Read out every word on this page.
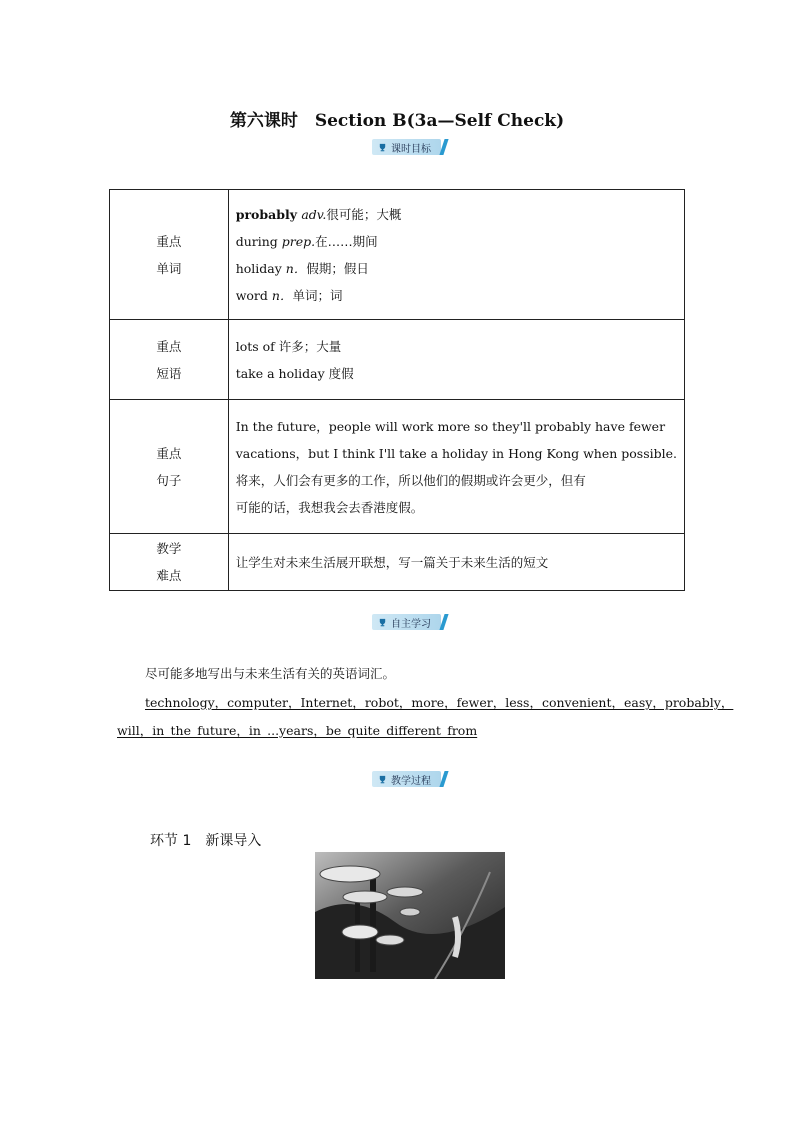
第六课时　Section B(3a—Self Check)
课时目标
重点
单词	probably adv.很可能；大概
during prep.在……期间
holiday n．假期；假日
word n．单词；词

重点
短语	lots of 许多；大量
take a holiday 度假

重点
句子	In the future，people will work more so they'll probably have fewer
vacations，but I think I'll take a holiday in Hong Kong when possible.
将来，人们会有更多的工作，所以他们的假期或许会更少，但有
可能的话，我想我会去香港度假。

教学
难点	让学生对未来生活展开联想，写一篇关于未来生活的短文
自主学习
尽可能多地写出与未来生活有关的英语词汇。
technology，computer，Internet，robot，more，fewer，less，convenient，easy，probably，
will，in_the_future，in_...years，be_quite_different_from
教学过程
环节 1　新课导入
